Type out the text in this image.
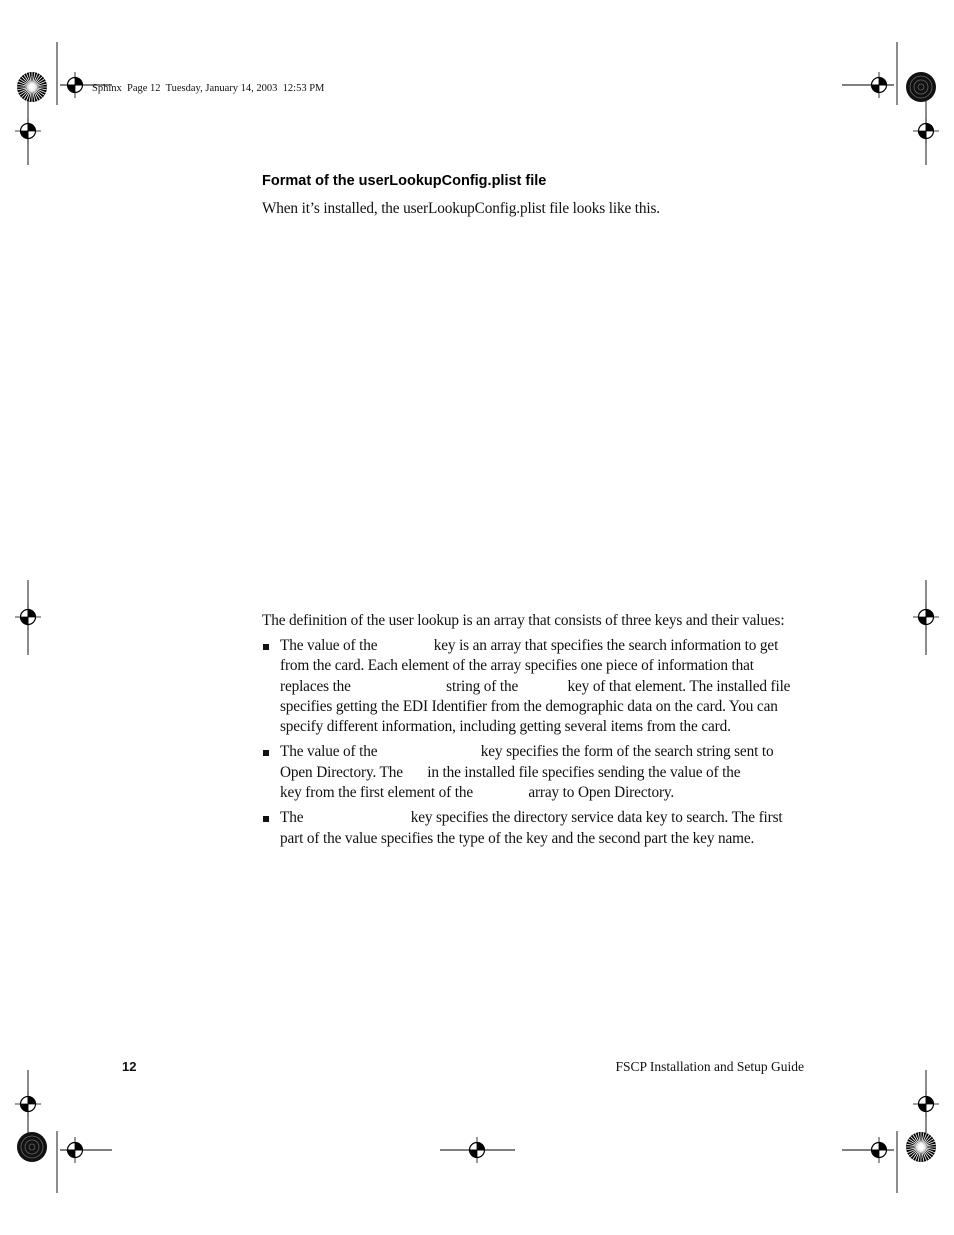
Sphinx  Page 12  Tuesday, January 14, 2003  12:53 PM
Format of the userLookupConfig.plist file
When it’s installed, the userLookupConfig.plist file looks like this.
The definition of the user lookup is an array that consists of three keys and their values:
The value of the	key is an array that specifies the search information to get from the card. Each element of the array specifies one piece of information that replaces the	string of the	key of that element. The installed file specifies getting the EDI Identifier from the demographic data on the card. You can specify different information, including getting several items from the card.
The value of the	key specifies the form of the search string sent to Open Directory. The  in the installed file specifies sending the value of the  key from the first element of the	array to Open Directory.
The	key specifies the directory service data key to search. The first part of the value specifies the type of the key and the second part the key name.
12	FSCP Installation and Setup Guide
